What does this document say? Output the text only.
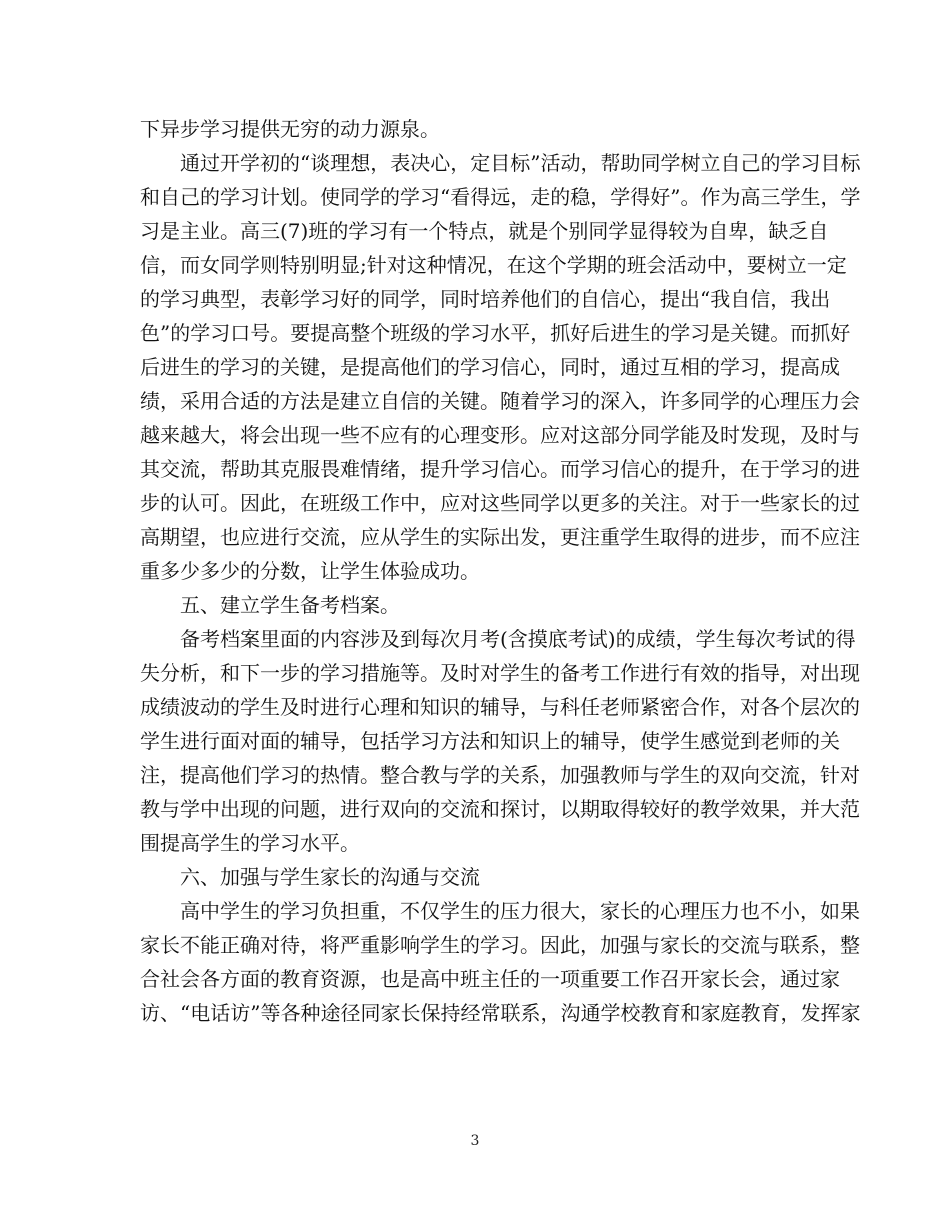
下异步学习提供无穷的动力源泉。
通过开学初的“谈理想，表决心，定目标”活动，帮助同学树立自己的学习目标
和自己的学习计划。使同学的学习“看得远，走的稳，学得好”。作为高三学生，学
习是主业。高三(7)班的学习有一个特点，就是个别同学显得较为自卑，缺乏自
信，而女同学则特别明显;针对这种情况，在这个学期的班会活动中，要树立一定
的学习典型，表彰学习好的同学，同时培养他们的自信心，提出“我自信，我出
色”的学习口号。要提高整个班级的学习水平，抓好后进生的学习是关键。而抓好
后进生的学习的关键，是提高他们的学习信心，同时，通过互相的学习，提高成
绩，采用合适的方法是建立自信的关键。随着学习的深入，许多同学的心理压力会
越来越大，将会出现一些不应有的心理变形。应对这部分同学能及时发现，及时与
其交流，帮助其克服畏难情绪，提升学习信心。而学习信心的提升，在于学习的进
步的认可。因此，在班级工作中，应对这些同学以更多的关注。对于一些家长的过
高期望，也应进行交流，应从学生的实际出发，更注重学生取得的进步，而不应注
重多少多少的分数，让学生体验成功。
五、建立学生备考档案。
备考档案里面的内容涉及到每次月考(含摸底考试)的成绩，学生每次考试的得
失分析，和下一步的学习措施等。及时对学生的备考工作进行有效的指导，对出现
成绩波动的学生及时进行心理和知识的辅导，与科任老师紧密合作，对各个层次的
学生进行面对面的辅导，包括学习方法和知识上的辅导，使学生感觉到老师的关
注，提高他们学习的热情。整合教与学的关系，加强教师与学生的双向交流，针对
教与学中出现的问题，进行双向的交流和探讨，以期取得较好的教学效果，并大范
围提高学生的学习水平。
六、加强与学生家长的沟通与交流
高中学生的学习负担重，不仅学生的压力很大，家长的心理压力也不小，如果
家长不能正确对待，将严重影响学生的学习。因此，加强与家长的交流与联系，整
合社会各方面的教育资源，也是高中班主任的一项重要工作召开家长会，通过家
访、“电话访”等各种途径同家长保持经常联系，沟通学校教育和家庭教育，发挥家
3
